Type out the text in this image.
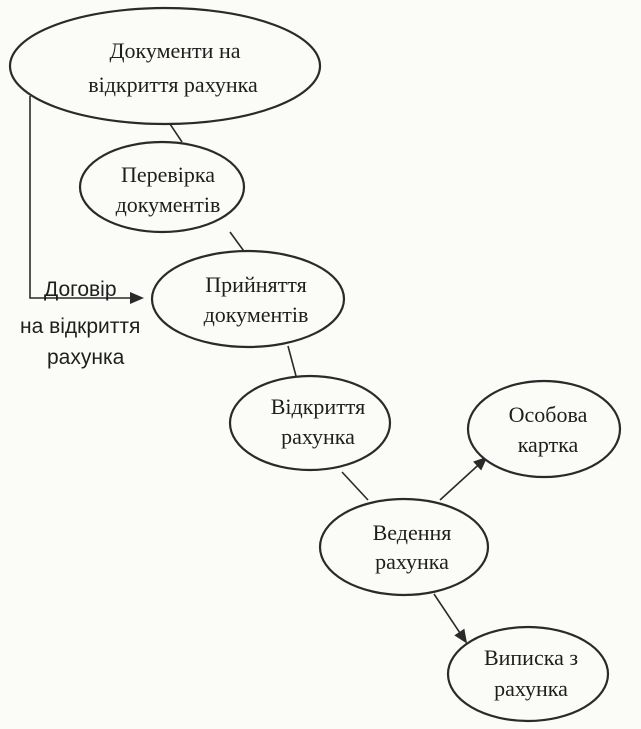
Документи на
відкриття рахунка
Перевірка
документів
Прийняття
документів
Відкриття
рахунка
Ведення
рахунка
Особова
картка
Виписка з
рахунка
Договір
на відкриття
рахунка
